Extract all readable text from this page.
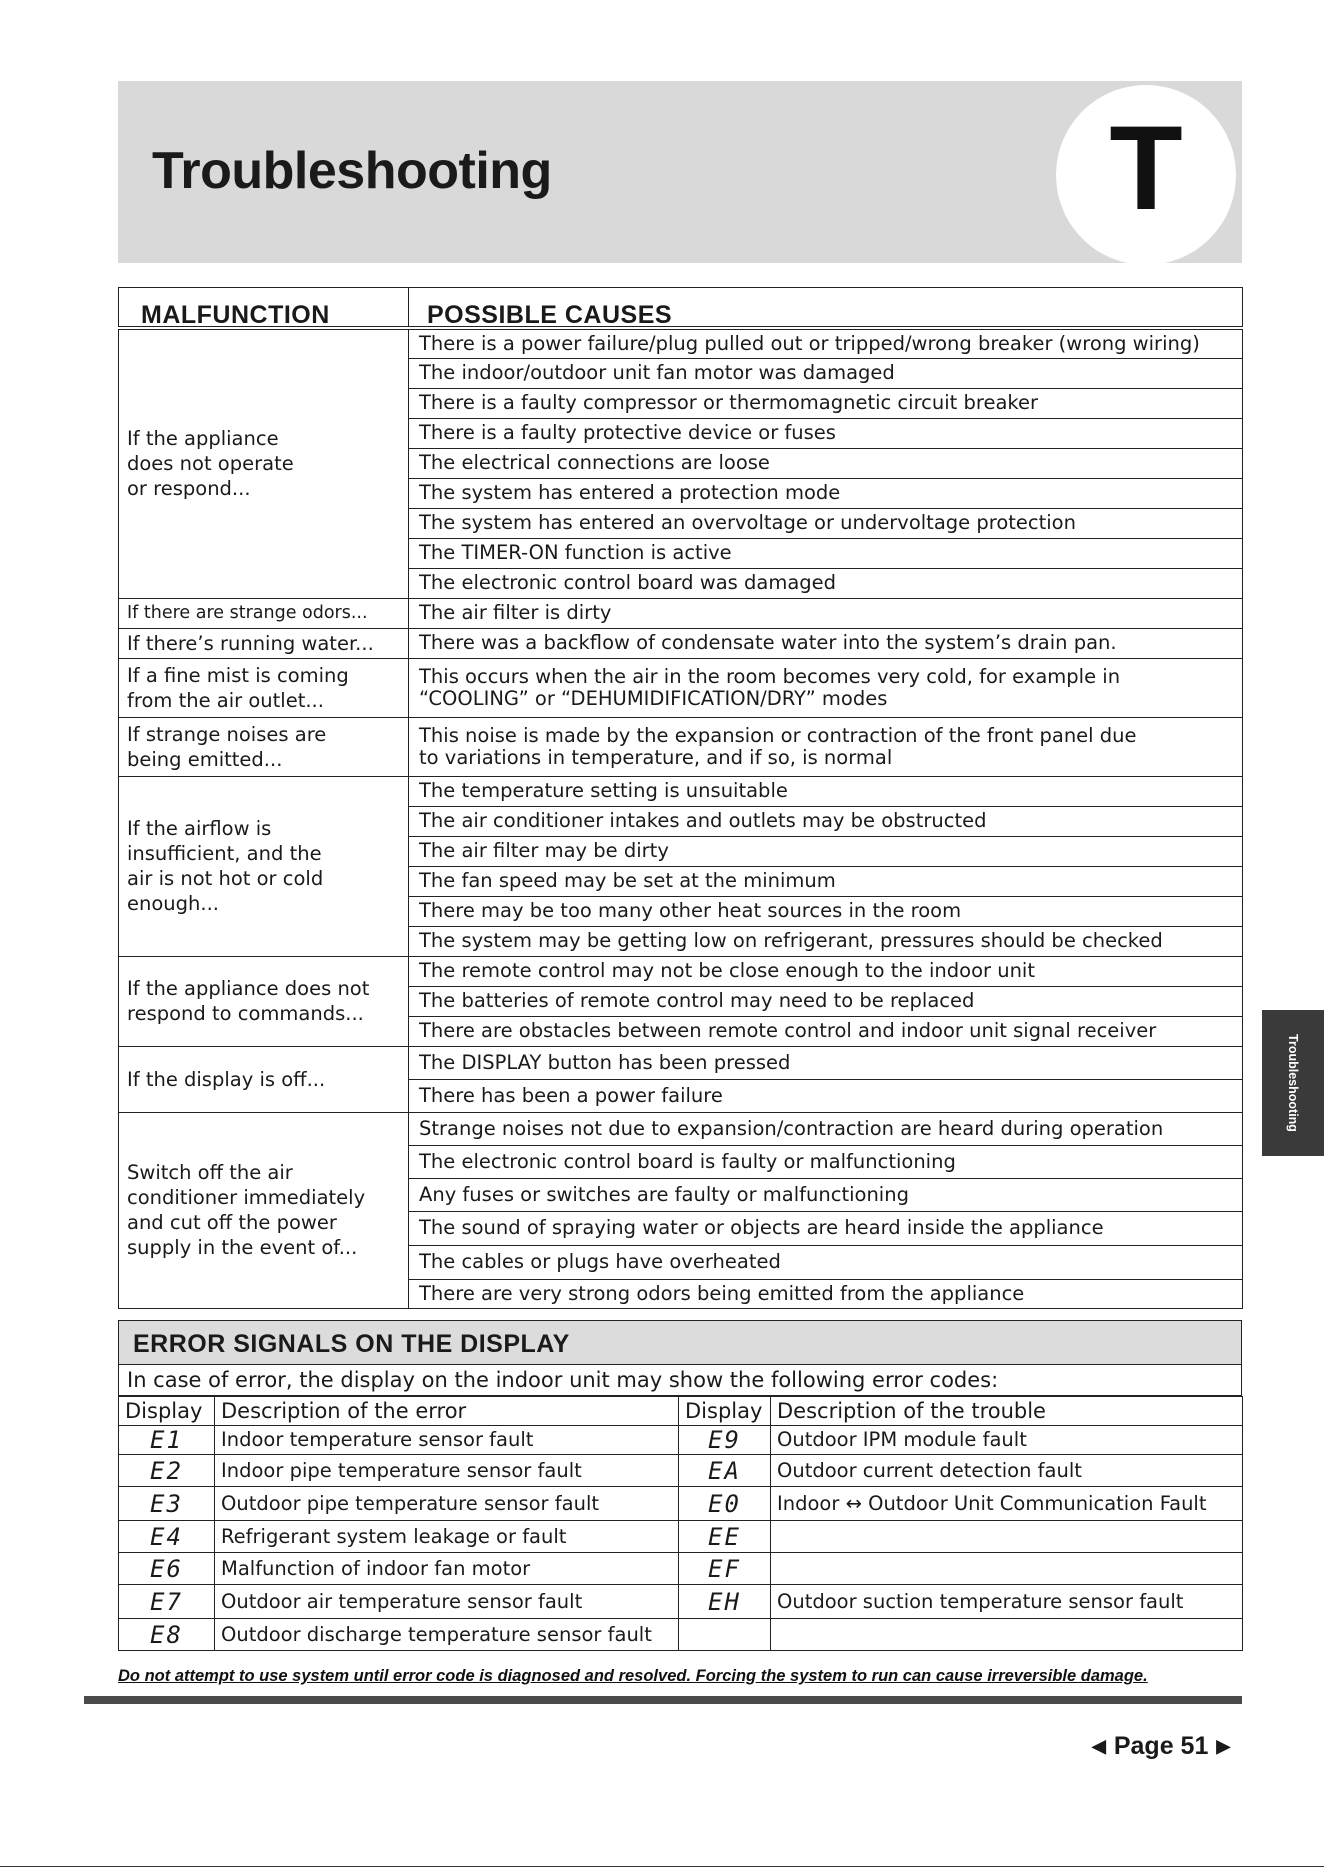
Troubleshooting	T
MALFUNCTION	POSSIBLE CAUSES
If the appliance
does not operate
or respond...	There is a power failure/plug pulled out or tripped/wrong breaker (wrong wiring)
	The indoor/outdoor unit fan motor was damaged
	There is a faulty compressor or thermomagnetic circuit breaker
	There is a faulty protective device or fuses
	The electrical connections are loose
	The system has entered a protection mode
	The system has entered an overvoltage or undervoltage protection
	The TIMER-ON function is active
	The electronic control board was damaged
If there are strange odors...	The air filter is dirty
If there’s running water...	There was a backflow of condensate water into the system’s drain pan.
If a fine mist is coming
from the air outlet...	This occurs when the air in the room becomes very cold, for example in
“COOLING” or “DEHUMIDIFICATION/DRY” modes
If strange noises are
being emitted...	This noise is made by the expansion or contraction of the front panel due
to variations in temperature, and if so, is normal
If the airflow is
insufficient, and the
air is not hot or cold
enough...	The temperature setting is unsuitable
	The air conditioner intakes and outlets may be obstructed
	The air filter may be dirty
	The fan speed may be set at the minimum
	There may be too many other heat sources in the room
	The system may be getting low on refrigerant, pressures should be checked
If the appliance does not
respond to commands...	The remote control may not be close enough to the indoor unit
	The batteries of remote control may need to be replaced
	There are obstacles between remote control and indoor unit signal receiver
If the display is off...	The DISPLAY button has been pressed
	There has been a power failure
Switch off the air
conditioner immediately
and cut off the power
supply in the event of...	Strange noises not due to expansion/contraction are heard during operation
	The electronic control board is faulty or malfunctioning
	Any fuses or switches are faulty or malfunctioning
	The sound of spraying water or objects are heard inside the appliance
	The cables or plugs have overheated
	There are very strong odors being emitted from the appliance
ERROR SIGNALS ON THE DISPLAY
In case of error, the display on the indoor unit may show the following error codes:
Display	Description of the error	Display	Description of the trouble
E1	Indoor temperature sensor fault	E9	Outdoor IPM module fault
E2	Indoor pipe temperature sensor fault	EA	Outdoor current detection fault
E3	Outdoor pipe temperature sensor fault	E0	Indoor ↔ Outdoor Unit Communication Fault
E4	Refrigerant system leakage or fault	EE	
E6	Malfunction of indoor fan motor	EF	
E7	Outdoor air temperature sensor fault	EH	Outdoor suction temperature sensor fault
E8	Outdoor discharge temperature sensor fault		
Do not attempt to use system until error code is diagnosed and resolved. Forcing the system to run can cause irreversible damage.
Troubleshooting
◀ Page 51 ▶
